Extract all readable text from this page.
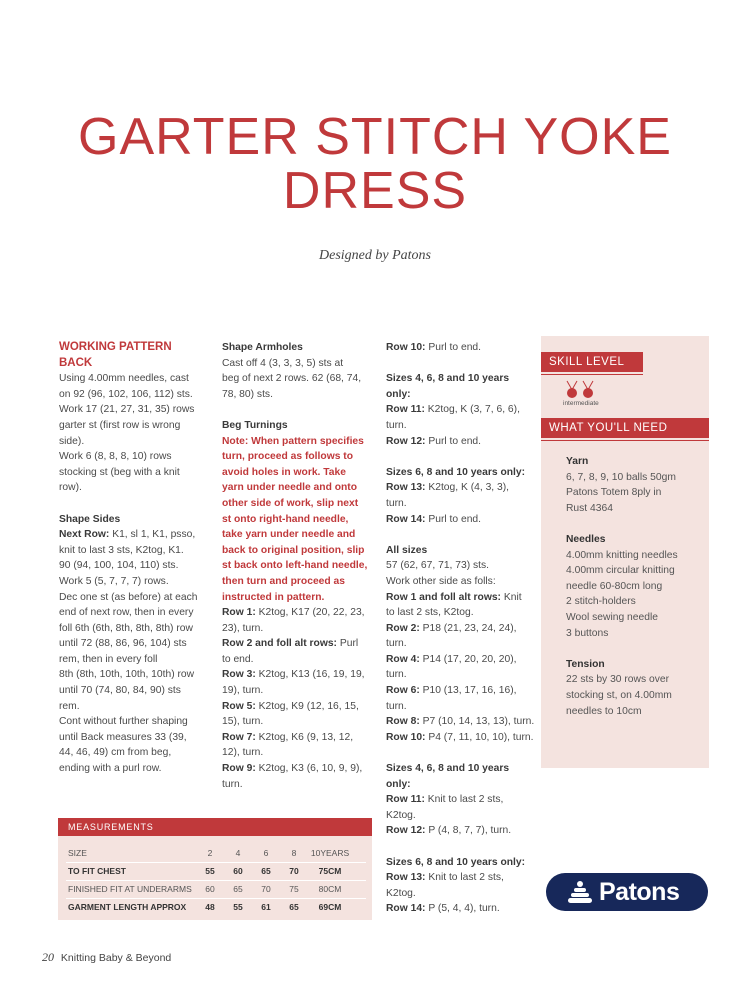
GARTER STITCH YOKE
DRESS
Designed by Patons

WORKING PATTERN

BACK

Using 4.00mm needles, cast

on 92 (96, 102, 106, 112) sts.

Work 17 (21, 27, 31, 35) rows

garter st (first row is wrong

side).

Work 6 (8, 8, 8, 10) rows

stocking st (beg with a knit

row).

Shape Sides

Next Row: K1, sl 1, K1, psso,

knit to last 3 sts, K2tog, K1.

90 (94, 100, 104, 110) sts.

Work 5 (5, 7, 7, 7) rows.

Dec one st (as before) at each

end of next row, then in every

foll 6th (6th, 8th, 8th, 8th) row

until 72 (88, 86, 96, 104) sts

rem, then in every foll

8th (8th, 10th, 10th, 10th) row

until 70 (74, 80, 84, 90) sts

rem.

Cont without further shaping

until Back measures 33 (39,

44, 46, 49) cm from beg,

ending with a purl row.

Shape Armholes

Cast off 4 (3, 3, 3, 5) sts at

beg of next 2 rows. 62 (68, 74,

78, 80) sts.

Beg Turnings

Note: When pattern specifies

turn, proceed as follows to

avoid holes in work. Take

yarn under needle and onto

other side of work, slip next

st onto right-hand needle,

take yarn under needle and

back to original position, slip

st back onto left-hand needle,

then turn and proceed as

instructed in pattern.

Row 1: K2tog, K17 (20, 22, 23,

23), turn.

Row 2 and foll alt rows: Purl

to end.

Row 3: K2tog, K13 (16, 19, 19,

19), turn.

Row 5: K2tog, K9 (12, 16, 15,

15), turn.

Row 7: K2tog, K6 (9, 13, 12,

12), turn.

Row 9: K2tog, K3 (6, 10, 9, 9),

turn.

Row 10: Purl to end.

Sizes 4, 6, 8 and 10 years

only:

Row 11: K2tog, K (3, 7, 6, 6),

turn.

Row 12: Purl to end.

Sizes 6, 8 and 10 years only:

Row 13: K2tog, K (4, 3, 3),

turn.

Row 14: Purl to end.

All sizes

57 (62, 67, 71, 73) sts.

Work other side as folls:

Row 1 and foll alt rows: Knit

to last 2 sts, K2tog.

Row 2: P18 (21, 23, 24, 24),

turn.

Row 4: P14 (17, 20, 20, 20),

turn.

Row 6: P10 (13, 17, 16, 16),

turn.

Row 8: P7 (10, 14, 13, 13), turn.

Row 10: P4 (7, 11, 10, 10), turn.

Sizes 4, 6, 8 and 10 years

only:

Row 11: Knit to last 2 sts,

K2tog.

Row 12: P (4, 8, 7, 7), turn.

Sizes 6, 8 and 10 years only:

Row 13: Knit to last 2 sts,

K2tog.

Row 14: P (5, 4, 4), turn.

SKILL LEVEL
intermediate
WHAT YOU'LL NEED

Yarn

6, 7, 8, 9, 10 balls 50gm

Patons Totem 8ply in

Rust 4364

Needles

4.00mm knitting needles

4.00mm circular knitting

needle 60-80cm long

2 stitch-holders

Wool sewing needle

3 buttons

Tension

22 sts by 30 rows over

stocking st, on 4.00mm

needles to 10cm

MEASUREMENTS
SIZE	2	4	6	8	10YEARS
TO FIT CHEST	55	60	65	70	75CM
FINISHED FIT AT UNDERARMS	60	65	70	75	80CM
GARMENT LENGTH APPROX	48	55	61	65	69CM
Patons
20 Knitting Baby & Beyond
